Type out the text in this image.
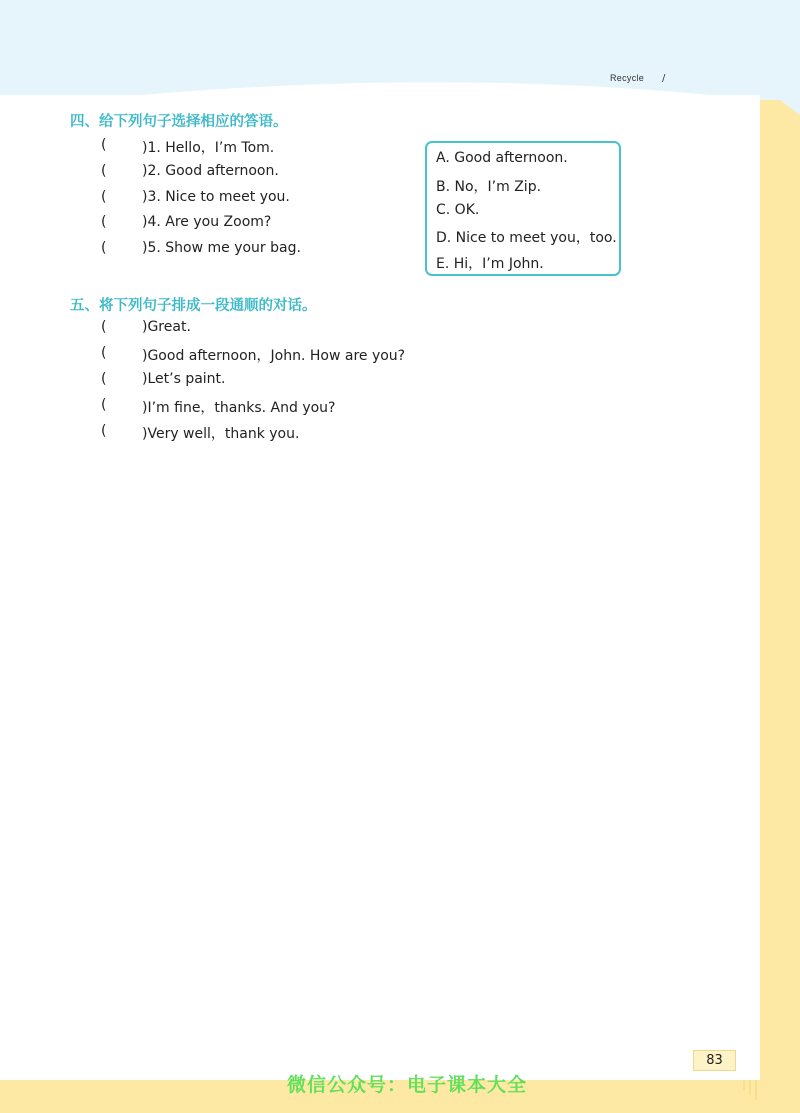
Recycle /
四、给下列句子选择相应的答语。
(	)1. Hello，I’m Tom.
(	)2. Good afternoon.
(	)3. Nice to meet you.
(	)4. Are you Zoom?
(	)5. Show me your bag.
A. Good afternoon.
B. No，I’m Zip.
C. OK.
D. Nice to meet you，too.
E. Hi，I’m John.
五、将下列句子排成一段通顺的对话。
(	)Great.
(	)Good afternoon，John. How are you?
(	)Let’s paint.
(	)I’m fine，thanks. And you?
(	)Very well，thank you.
83
微信公众号：电子课本大全
